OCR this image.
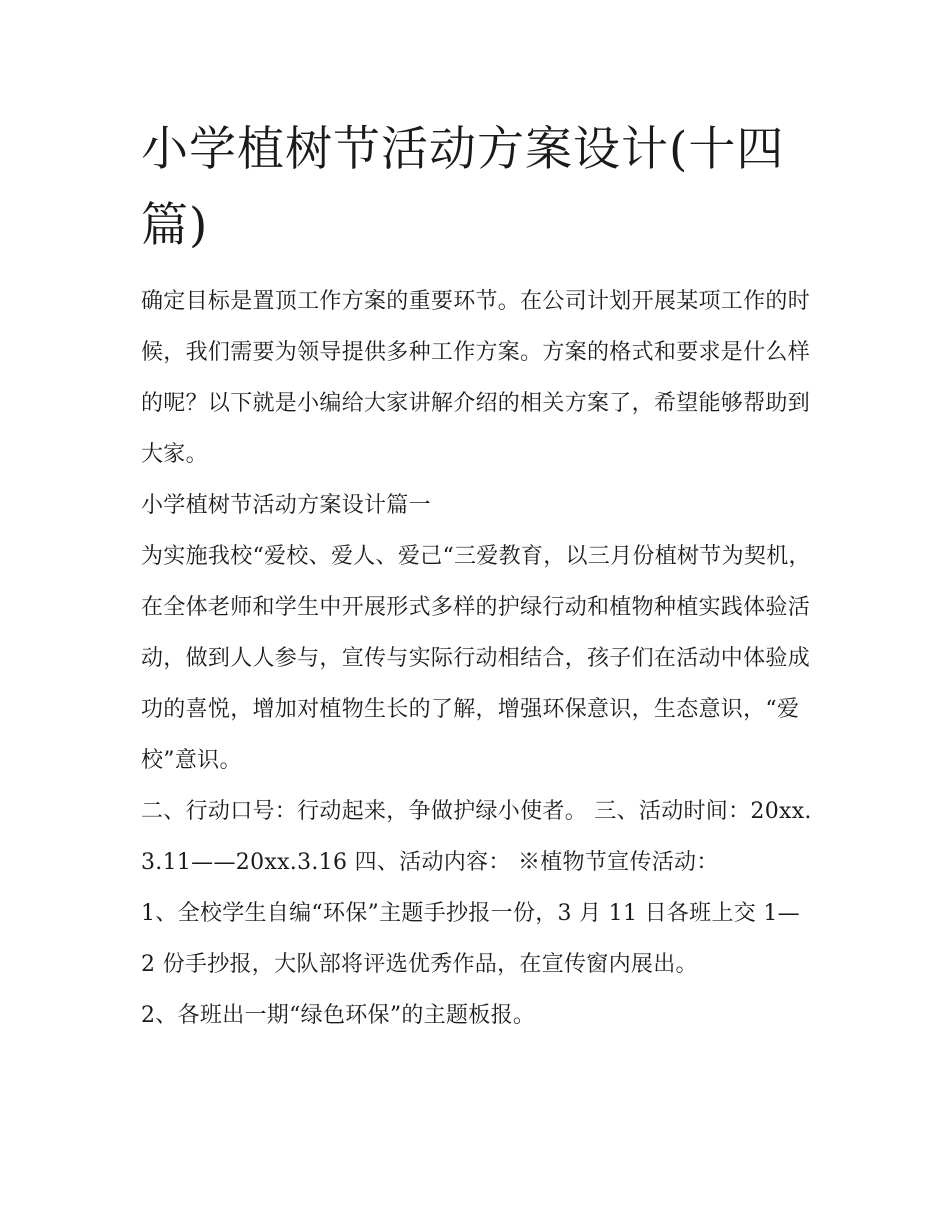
小学植树节活动方案设计(十四篇)

确定目标是置顶工作方案的重要环节。在公司计划开展某项工作的时候，我们需要为领导提供多种工作方案。方案的格式和要求是什么样的呢？以下就是小编给大家讲解介绍的相关方案了，希望能够帮助到大家。

小学植树节活动方案设计篇一

为实施我校“爱校、爱人、爱己“三爱教育，以三月份植树节为契机，在全体老师和学生中开展形式多样的护绿行动和植物种植实践体验活动，做到人人参与，宣传与实际行动相结合，孩子们在活动中体验成功的喜悦，增加对植物生长的了解，增强环保意识，生态意识，“爱校”意识。

二、行动口号：行动起来，争做护绿小使者。 三、活动时间：20xx.3.11——20xx.3.16 四、活动内容： ※植物节宣传活动：

1、全校学生自编“环保”主题手抄报一份，3 月 11 日各班上交 1—2 份手抄报，大队部将评选优秀作品，在宣传窗内展出。

2、各班出一期“绿色环保”的主题板报。
